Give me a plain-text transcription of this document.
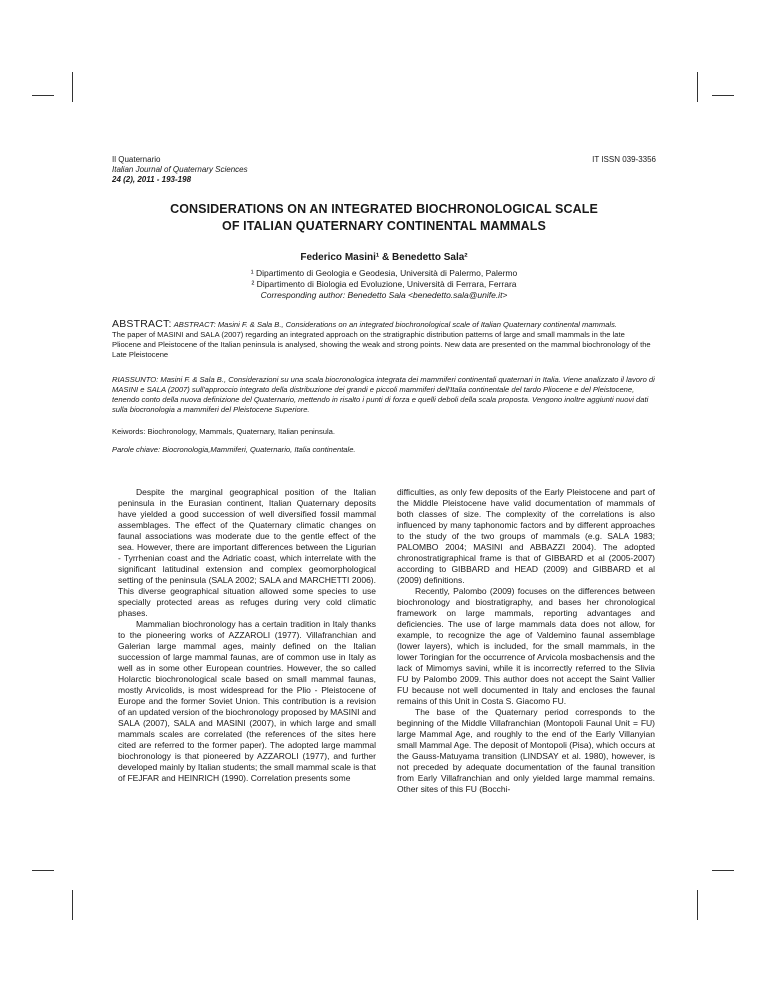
Il Quaternario
Italian Journal of Quaternary Sciences
24 (2), 2011 - 193-198
IT ISSN 039-3356
CONSIDERATIONS ON AN INTEGRATED BIOCHRONOLOGICAL SCALE
OF ITALIAN QUATERNARY CONTINENTAL MAMMALS
Federico Masini¹ & Benedetto Sala²
¹ Dipartimento di Geologia e Geodesia, Università di Palermo, Palermo
² Dipartimento di Biologia ed Evoluzione, Università di Ferrara, Ferrara
Corresponding author: Benedetto Sala <benedetto.sala@unife.it>
ABSTRACT: ABSTRACT: Masini F. & Sala B., Considerations on an integrated biochronological scale of Italian Quaternary continental mammals.
The paper of MASINI and SALA (2007) regarding an integrated approach on the stratigraphic distribution patterns of large and small mammals in the late Pliocene and Pleistocene of the Italian peninsula is analysed, showing the weak and strong points. New data are presented on the mammal biochronology of the Late Pleistocene
RIASSUNTO: Masini F. & Sala B., Considerazioni su una scala biocronologica integrata dei mammiferi continentali quaternari in Italia. Viene analizzato il lavoro di MASINI e SALA (2007) sull'approccio integrato della distribuzione dei grandi e piccoli mammiferi dell'Italia continentale del tardo Pliocene e del Pleistocene, tenendo conto della nuova definizione del Quaternario, mettendo in risalto i punti di forza e quelli deboli della scala proposta. Vengono inoltre aggiunti nuovi dati sulla biocronologia a mammiferi del Pleistocene Superiore.
Keiwords: Biochronology, Mammals, Quaternary, Italian peninsula.
Parole chiave: Biocronologia,Mammiferi, Quaternario, Italia continentale.

Despite the marginal geographical position of the Italian peninsula in the Eurasian continent, Italian Quaternary deposits have yielded a good succession of well diversified fossil mammal assemblages. The effect of the Quaternary climatic changes on faunal associations was moderate due to the gentle effect of the sea. However, there are important differences between the Ligurian - Tyrrhenian coast and the Adriatic coast, which interrelate with the significant latitudinal extension and complex geomorphological setting of the peninsula (SALA 2002; SALA and MARCHETTI 2006). This diverse geographical situation allowed some species to use specially protected areas as refuges during very cold climatic phases.

Mammalian biochronology has a certain tradition in Italy thanks to the pioneering works of AZZAROLI (1977). Villafranchian and Galerian large mammal ages, mainly defined on the Italian succession of large mammal faunas, are of common use in Italy as well as in some other European countries. However, the so called Holarctic biochronological scale based on small mammal faunas, mostly Arvicolids, is most widespread for the Plio - Pleistocene of Europe and the former Soviet Union. This contribution is a revision of an updated version of the biochronology proposed by MASINI and SALA (2007), SALA and MASINI (2007), in which large and small mammals scales are correlated (the references of the sites here cited are referred to the former paper). The adopted large mammal biochronology is that pioneered by AZZAROLI (1977), and further developed mainly by Italian students; the small mammal scale is that of FEJFAR and HEINRICH (1990). Correlation presents some

difficulties, as only few deposits of the Early Pleistocene and part of the Middle Pleistocene have valid documentation of mammals of both classes of size. The complexity of the correlations is also influenced by many taphonomic factors and by different approaches to the study of the two groups of mammals (e.g. SALA 1983; PALOMBO 2004; MASINI and ABBAZZI 2004). The adopted chronostratigraphical frame is that of GIBBARD et al (2005-2007) according to GIBBARD and HEAD (2009) and GIBBARD et al (2009) definitions.

Recently, Palombo (2009) focuses on the differences between biochronology and biostratigraphy, and bases her chronological framework on large mammals, reporting advantages and deficiencies. The use of large mammals data does not allow, for example, to recognize the age of Valdemino faunal assemblage (lower layers), which is included, for the small mammals, in the lower Toringian for the occurrence of Arvicola mosbachensis and the lack of Mimomys savini, while it is incorrectly referred to the Slivia FU by Palombo 2009. This author does not accept the Saint Vallier FU because not well documented in Italy and encloses the faunal remains of this Unit in Costa S. Giacomo FU.

The base of the Quaternary period corresponds to the beginning of the Middle Villafranchian (Montopoli Faunal Unit = FU) large Mammal Age, and roughly to the end of the Early Villanyian small Mammal Age. The deposit of Montopoli (Pisa), which occurs at the Gauss-Matuyama transition (LINDSAY et al. 1980), however, is not preceded by adequate documentation of the faunal transition from Early Villafranchian and only yielded large mammal remains. Other sites of this FU (Bocchi-
